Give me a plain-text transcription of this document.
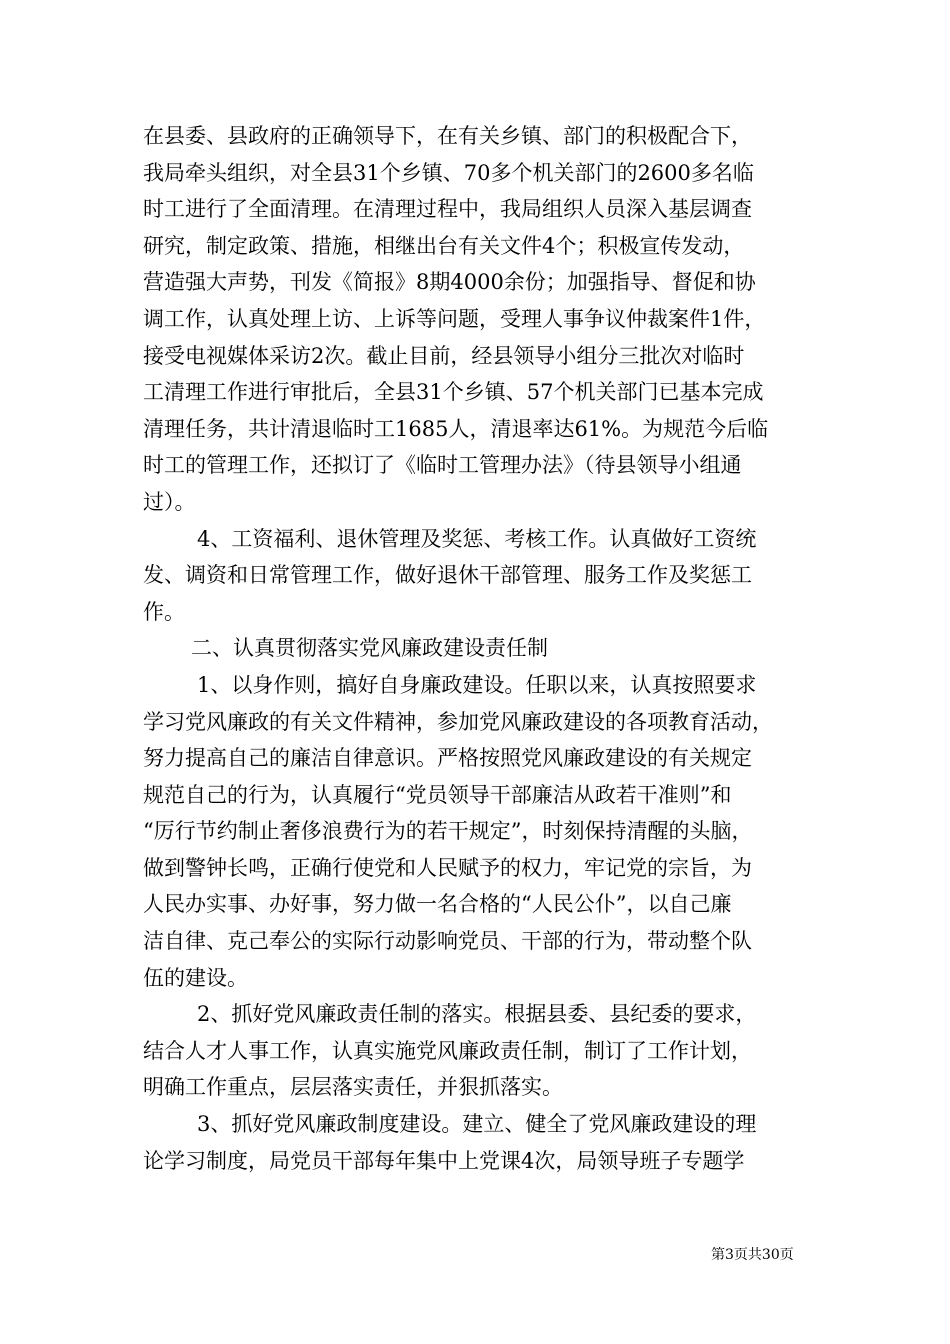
在县委、县政府的正确领导下，在有关乡镇、部门的积极配合下，
我局牵头组织，对全县31个乡镇、70多个机关部门的2600多名临
时工进行了全面清理。在清理过程中，我局组织人员深入基层调查
研究，制定政策、措施，相继出台有关文件4个；积极宣传发动，
营造强大声势，刊发《简报》8期4000余份；加强指导、督促和协
调工作，认真处理上访、上诉等问题，受理人事争议仲裁案件1件，
接受电视媒体采访2次。截止目前，经县领导小组分三批次对临时
工清理工作进行审批后，全县31个乡镇、57个机关部门已基本完成
清理任务，共计清退临时工1685人，清退率达61%。为规范今后临
时工的管理工作，还拟订了《临时工管理办法》（待县领导小组通
过）。
4、工资福利、退休管理及奖惩、考核工作。认真做好工资统
发、调资和日常管理工作，做好退休干部管理、服务工作及奖惩工
作。
二、认真贯彻落实党风廉政建设责任制
1、以身作则，搞好自身廉政建设。任职以来，认真按照要求
学习党风廉政的有关文件精神，参加党风廉政建设的各项教育活动，
努力提高自己的廉洁自律意识。严格按照党风廉政建设的有关规定
规范自己的行为，认真履行“党员领导干部廉洁从政若干准则”和
“厉行节约制止奢侈浪费行为的若干规定”，时刻保持清醒的头脑，
做到警钟长鸣，正确行使党和人民赋予的权力，牢记党的宗旨，为
人民办实事、办好事，努力做一名合格的“人民公仆”，以自己廉
洁自律、克己奉公的实际行动影响党员、干部的行为，带动整个队
伍的建设。
2、抓好党风廉政责任制的落实。根据县委、县纪委的要求，
结合人才人事工作，认真实施党风廉政责任制，制订了工作计划，
明确工作重点，层层落实责任，并狠抓落实。
3、抓好党风廉政制度建设。建立、健全了党风廉政建设的理
论学习制度，局党员干部每年集中上党课4次，局领导班子专题学
第3页共30页
